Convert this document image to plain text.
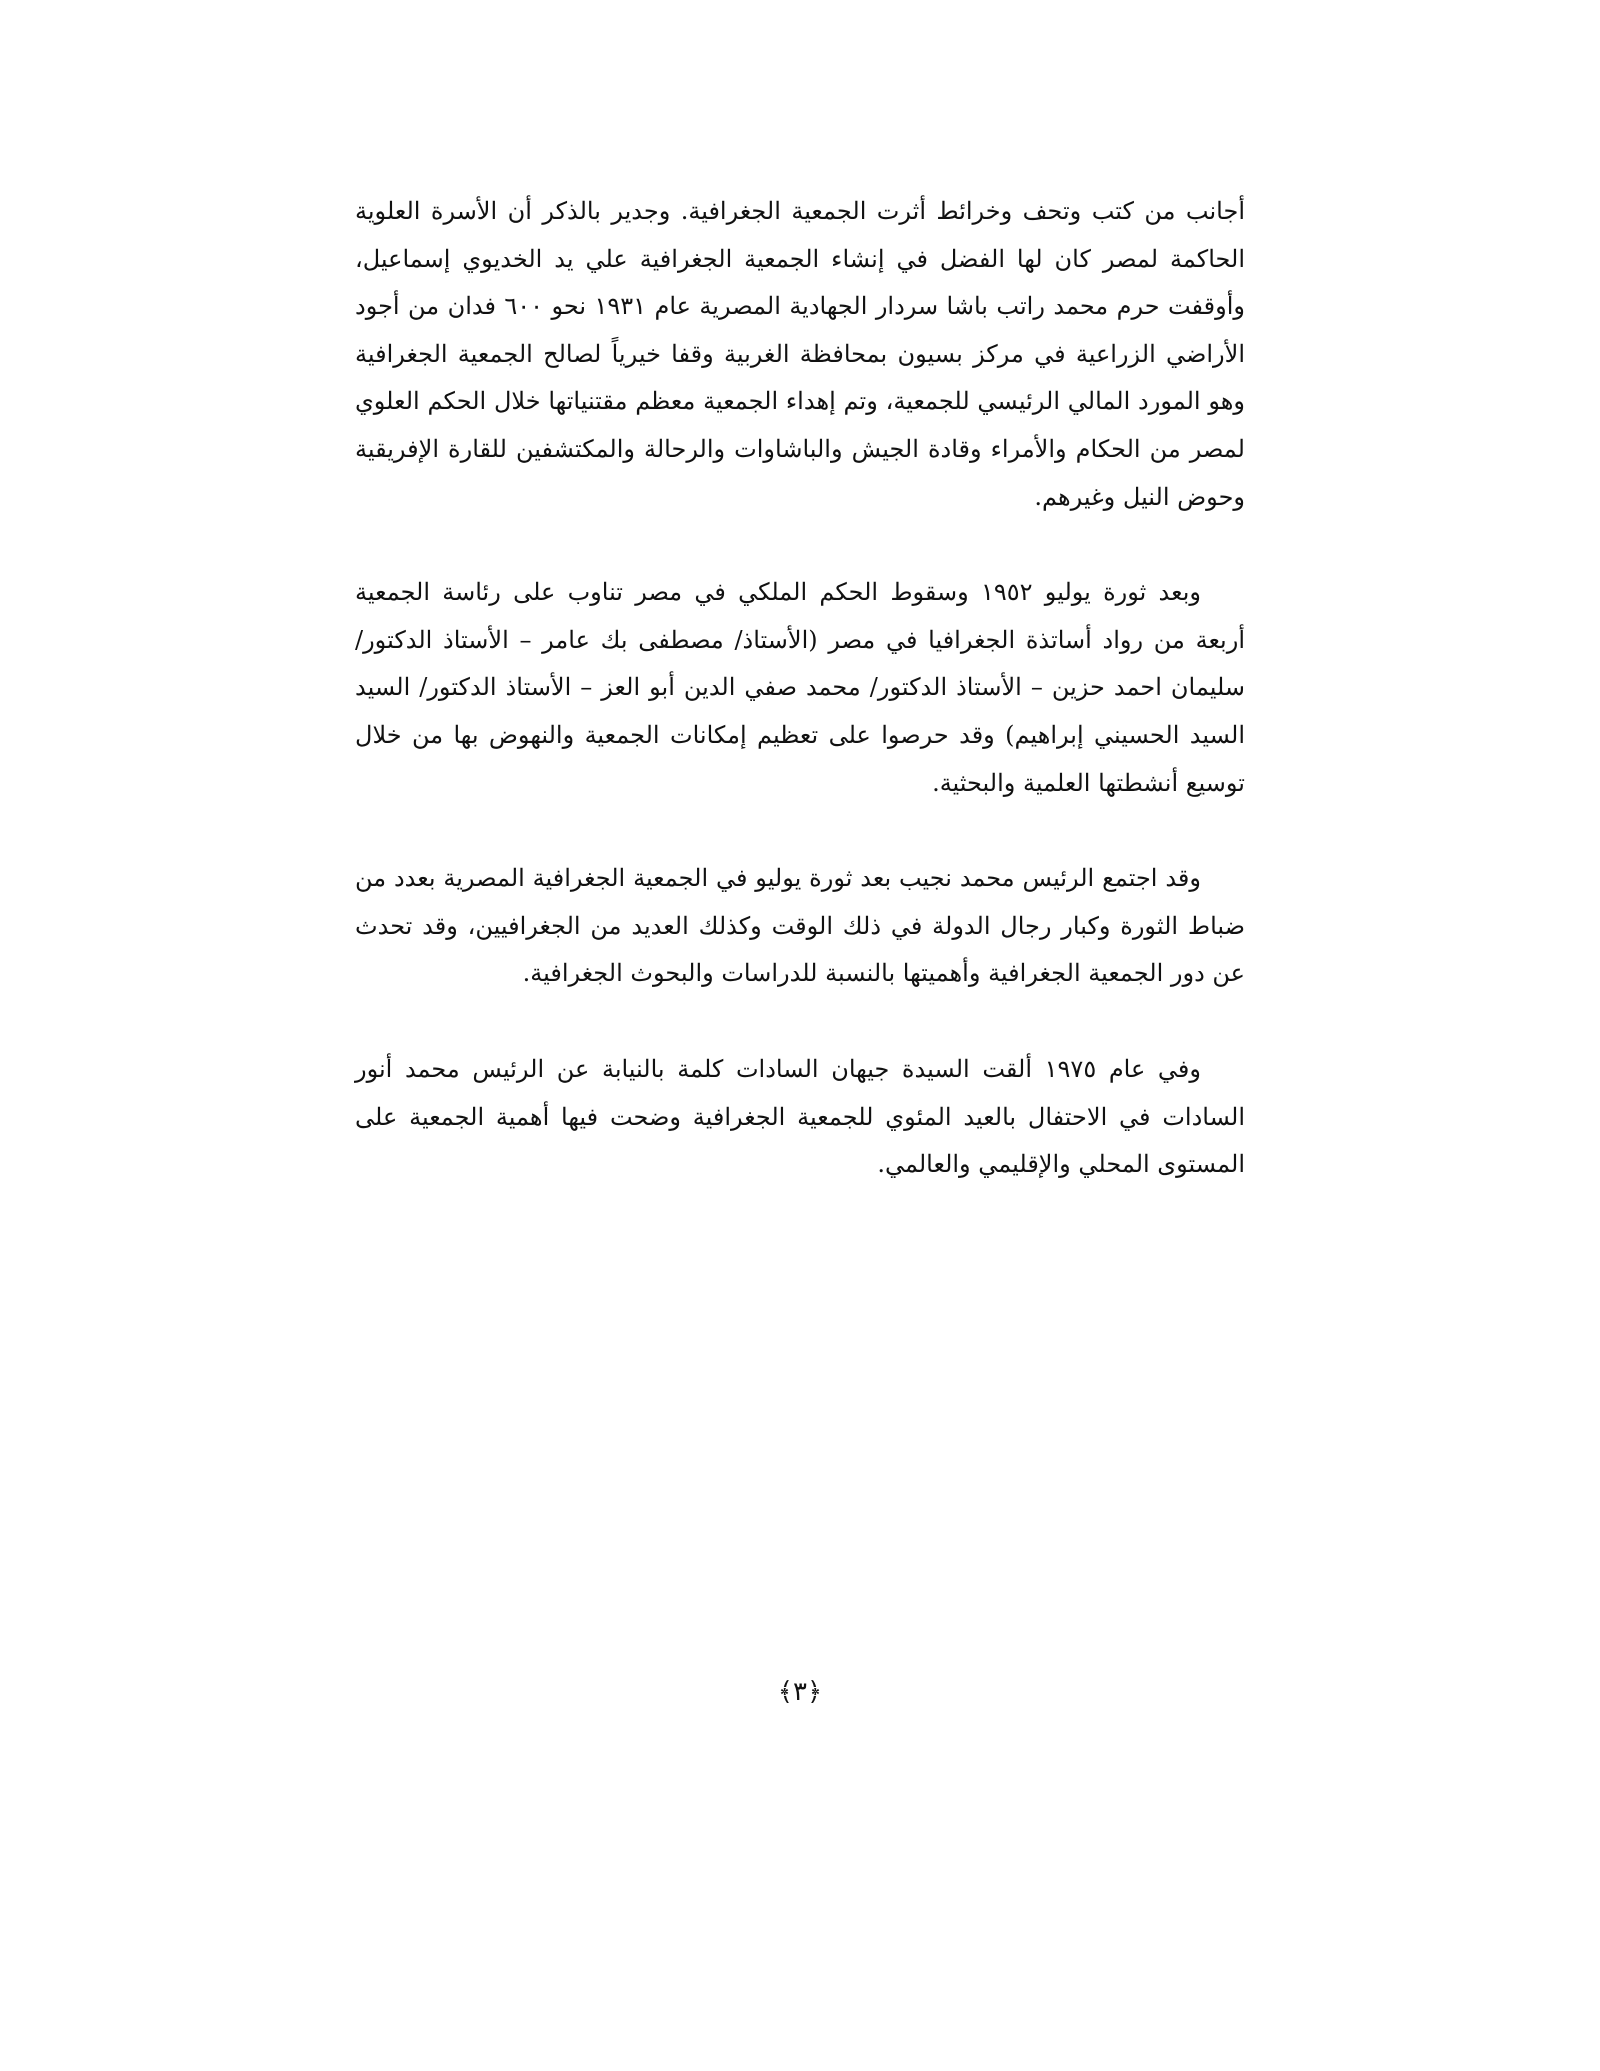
أجانب من كتب وتحف وخرائط أثرت الجمعية الجغرافية. وجدير بالذكر أن الأسرة العلوية الحاكمة لمصر كان لها الفضل في إنشاء الجمعية الجغرافية علي يد الخديوي إسماعيل، وأوقفت حرم محمد راتب باشا سردار الجهادية المصرية عام ١٩٣١ نحو ٦٠٠ فدان من أجود الأراضي الزراعية في مركز بسيون بمحافظة الغربية وقفا خيرياً لصالح الجمعية الجغرافية وهو المورد المالي الرئيسي للجمعية، وتم إهداء الجمعية معظم مقتنياتها خلال الحكم العلوي لمصر من الحكام والأمراء وقادة الجيش والباشاوات والرحالة والمكتشفين للقارة الإفريقية وحوض النيل وغيرهم.

وبعد ثورة يوليو ١٩٥٢ وسقوط الحكم الملكي في مصر تناوب على رئاسة الجمعية أربعة من رواد أساتذة الجغرافيا في مصر (الأستاذ/ مصطفى بك عامر – الأستاذ الدكتور/ سليمان احمد حزين – الأستاذ الدكتور/ محمد صفي الدين أبو العز – الأستاذ الدكتور/ السيد السيد الحسيني إبراهيم) وقد حرصوا على تعظيم إمكانات الجمعية والنهوض بها من خلال توسيع أنشطتها العلمية والبحثية.

وقد اجتمع الرئيس محمد نجيب بعد ثورة يوليو في الجمعية الجغرافية المصرية بعدد من ضباط الثورة وكبار رجال الدولة في ذلك الوقت وكذلك العديد من الجغرافيين، وقد تحدث عن دور الجمعية الجغرافية وأهميتها بالنسبة للدراسات والبحوث الجغرافية.

وفي عام ١٩٧٥ ألقت السيدة جيهان السادات كلمة بالنيابة عن الرئيس محمد أنور السادات في الاحتفال بالعيد المئوي للجمعية الجغرافية وضحت فيها أهمية الجمعية على المستوى المحلي والإقليمي والعالمي.

﴿٣﴾
